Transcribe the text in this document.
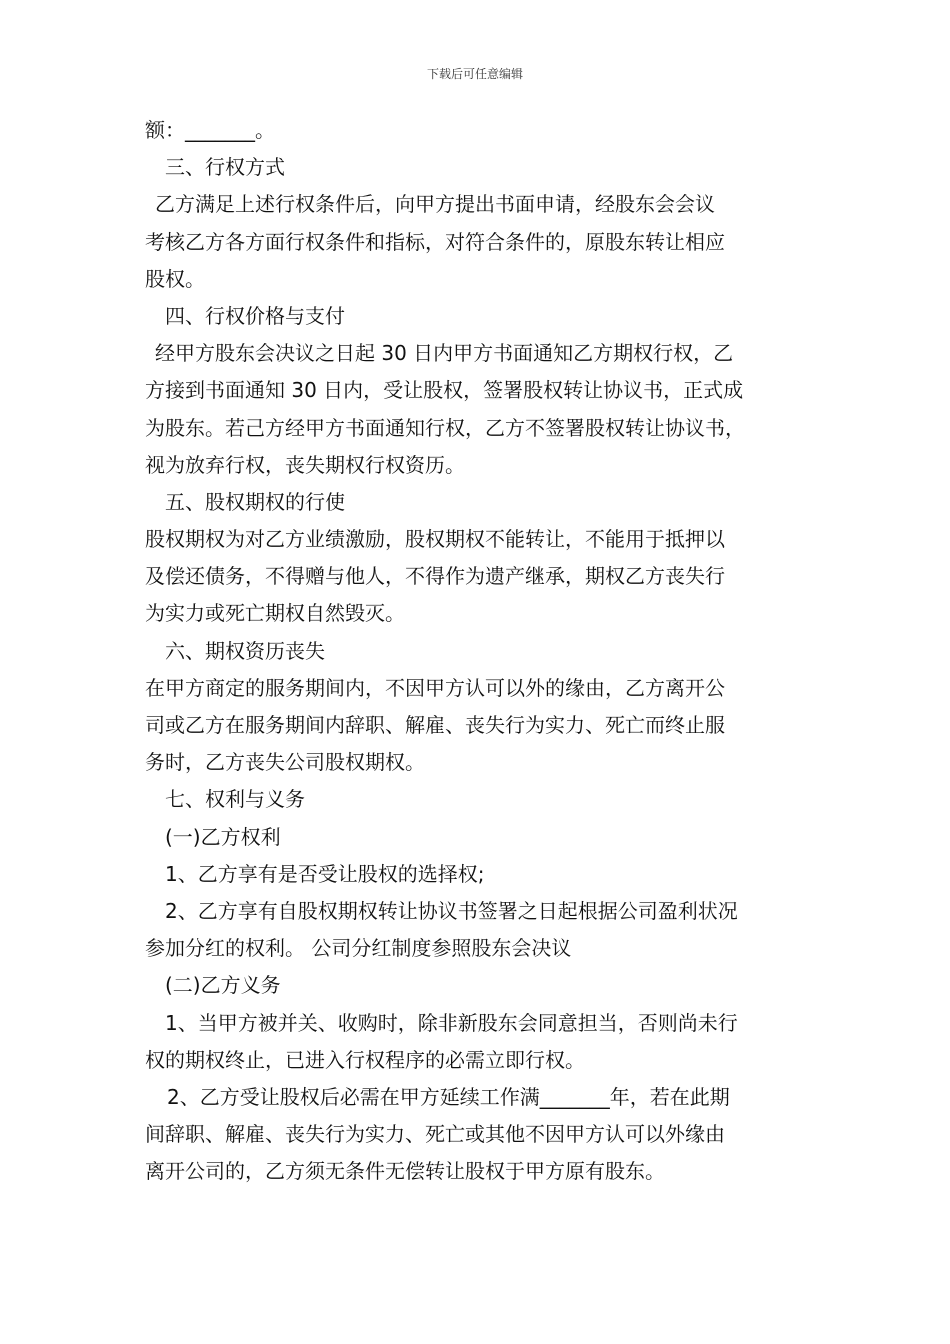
下载后可任意编辑
额：_______。
三、行权方式
乙方满足上述行权条件后，向甲方提出书面申请，经股东会会议
考核乙方各方面行权条件和指标，对符合条件的，原股东转让相应
股权。
四、行权价格与支付
经甲方股东会决议之日起 30 日内甲方书面通知乙方期权行权，乙
方接到书面通知 30 日内，受让股权，签署股权转让协议书，正式成
为股东。若己方经甲方书面通知行权，乙方不签署股权转让协议书，
视为放弃行权，丧失期权行权资历。
五、股权期权的行使
股权期权为对乙方业绩激励，股权期权不能转让，不能用于抵押以
及偿还债务，不得赠与他人，不得作为遗产继承，期权乙方丧失行
为实力或死亡期权自然毁灭。
六、期权资历丧失
在甲方商定的服务期间内，不因甲方认可以外的缘由，乙方离开公
司或乙方在服务期间内辞职、解雇、丧失行为实力、死亡而终止服
务时，乙方丧失公司股权期权。
七、权利与义务
(一)乙方权利
1、乙方享有是否受让股权的选择权;
2、乙方享有自股权期权转让协议书签署之日起根据公司盈利状况
参加分红的权利。 公司分红制度参照股东会决议
(二)乙方义务
1、当甲方被并关、收购时，除非新股东会同意担当，否则尚未行
权的期权终止，已进入行权程序的必需立即行权。
2、乙方受让股权后必需在甲方延续工作满_______年，若在此期
间辞职、解雇、丧失行为实力、死亡或其他不因甲方认可以外缘由
离开公司的，乙方须无条件无偿转让股权于甲方原有股东。
